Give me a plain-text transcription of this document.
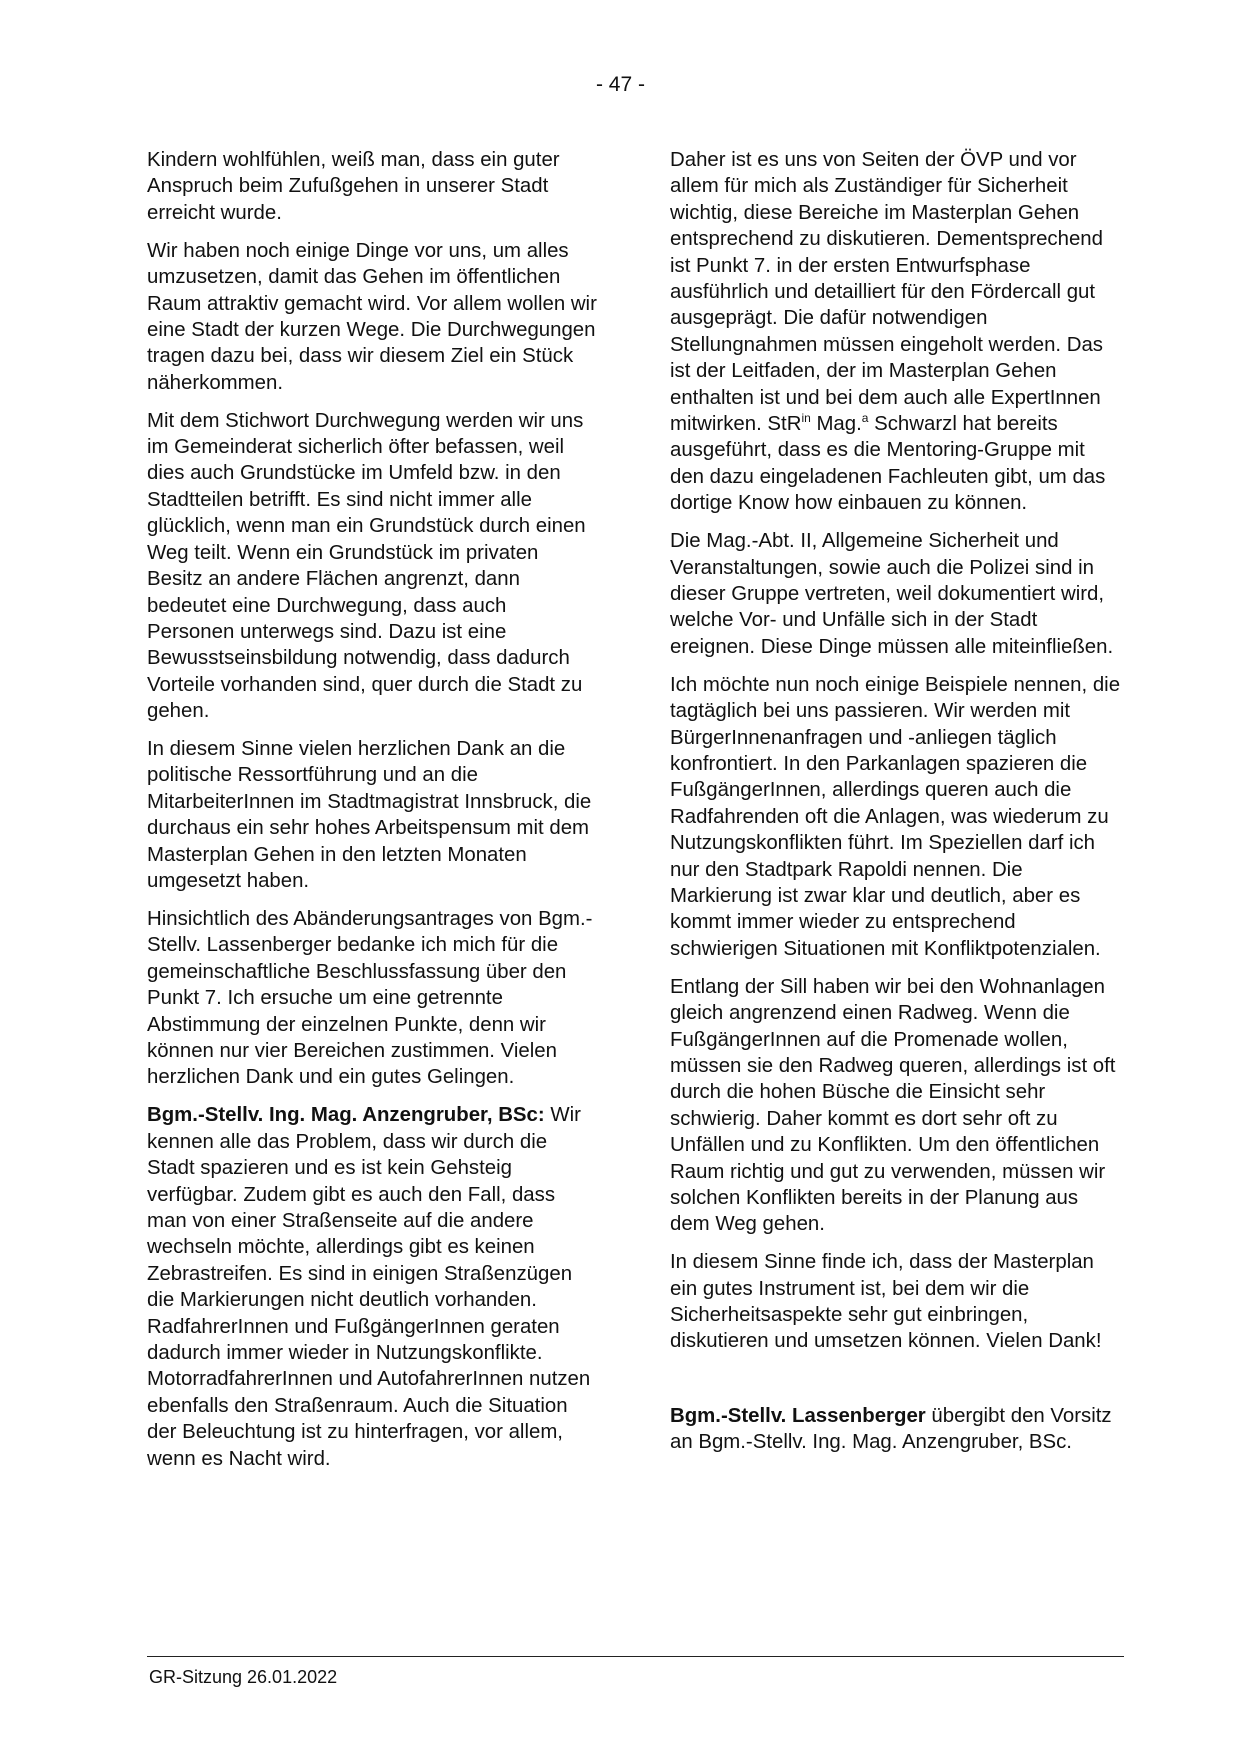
- 47 -

Kindern wohlfühlen, weiß man, dass ein guter Anspruch beim Zufußgehen in unserer Stadt erreicht wurde.

Wir haben noch einige Dinge vor uns, um alles umzusetzen, damit das Gehen im öffentlichen Raum attraktiv gemacht wird. Vor allem wollen wir eine Stadt der kurzen Wege. Die Durchwegungen tragen dazu bei, dass wir diesem Ziel ein Stück näherkommen.

Mit dem Stichwort Durchwegung werden wir uns im Gemeinderat sicherlich öfter befassen, weil dies auch Grundstücke im Umfeld bzw. in den Stadtteilen betrifft. Es sind nicht immer alle glücklich, wenn man ein Grundstück durch einen Weg teilt. Wenn ein Grundstück im privaten Besitz an andere Flächen angrenzt, dann bedeutet eine Durchwegung, dass auch Personen unterwegs sind. Dazu ist eine Bewusstseinsbildung notwendig, dass dadurch Vorteile vorhanden sind, quer durch die Stadt zu gehen.

In diesem Sinne vielen herzlichen Dank an die politische Ressortführung und an die MitarbeiterInnen im Stadtmagistrat Innsbruck, die durchaus ein sehr hohes Arbeitspensum mit dem Masterplan Gehen in den letzten Monaten umgesetzt haben.

Hinsichtlich des Abänderungsantrages von Bgm.-Stellv. Lassenberger bedanke ich mich für die gemeinschaftliche Beschlussfassung über den Punkt 7. Ich ersuche um eine getrennte Abstimmung der einzelnen Punkte, denn wir können nur vier Bereichen zustimmen. Vielen herzlichen Dank und ein gutes Gelingen.

Bgm.-Stellv. Ing. Mag. Anzengruber, BSc: Wir kennen alle das Problem, dass wir durch die Stadt spazieren und es ist kein Gehsteig verfügbar. Zudem gibt es auch den Fall, dass man von einer Straßenseite auf die andere wechseln möchte, allerdings gibt es keinen Zebrastreifen. Es sind in einigen Straßenzügen die Markierungen nicht deutlich vorhanden. RadfahrerInnen und FußgängerInnen geraten dadurch immer wieder in Nutzungskonflikte. MotorradfahrerInnen und AutofahrerInnen nutzen ebenfalls den Straßenraum. Auch die Situation der Beleuchtung ist zu hinterfragen, vor allem, wenn es Nacht wird.

Daher ist es uns von Seiten der ÖVP und vor allem für mich als Zuständiger für Sicherheit wichtig, diese Bereiche im Masterplan Gehen entsprechend zu diskutieren. Dementsprechend ist Punkt 7. in der ersten Entwurfsphase ausführlich und detailliert für den Fördercall gut ausgeprägt. Die dafür notwendigen Stellungnahmen müssen eingeholt werden. Das ist der Leitfaden, der im Masterplan Gehen enthalten ist und bei dem auch alle ExpertInnen mitwirken. StR$^{in}$ Mag.$^a$ Schwarzl hat bereits ausgeführt, dass es die Mentoring-Gruppe mit den dazu eingeladenen Fachleuten gibt, um das dortige Know how einbauen zu können.

Die Mag.-Abt. II, Allgemeine Sicherheit und Veranstaltungen, sowie auch die Polizei sind in dieser Gruppe vertreten, weil dokumentiert wird, welche Vor- und Unfälle sich in der Stadt ereignen. Diese Dinge müssen alle miteinfließen.

Ich möchte nun noch einige Beispiele nennen, die tagtäglich bei uns passieren. Wir werden mit BürgerInnenanfragen und -anliegen täglich konfrontiert. In den Parkanlagen spazieren die FußgängerInnen, allerdings queren auch die Radfahrenden oft die Anlagen, was wiederum zu Nutzungskonflikten führt. Im Speziellen darf ich nur den Stadtpark Rapoldi nennen. Die Markierung ist zwar klar und deutlich, aber es kommt immer wieder zu entsprechend schwierigen Situationen mit Konfliktpotenzialen.

Entlang der Sill haben wir bei den Wohnanlagen gleich angrenzend einen Radweg. Wenn die FußgängerInnen auf die Promenade wollen, müssen sie den Radweg queren, allerdings ist oft durch die hohen Büsche die Einsicht sehr schwierig. Daher kommt es dort sehr oft zu Unfällen und zu Konflikten. Um den öffentlichen Raum richtig und gut zu verwenden, müssen wir solchen Konflikten bereits in der Planung aus dem Weg gehen.

In diesem Sinne finde ich, dass der Masterplan ein gutes Instrument ist, bei dem wir die Sicherheitsaspekte sehr gut einbringen, diskutieren und umsetzen können. Vielen Dank!

Bgm.-Stellv. Lassenberger übergibt den Vorsitz an Bgm.-Stellv. Ing. Mag. Anzengruber, BSc.

GR-Sitzung 26.01.2022
